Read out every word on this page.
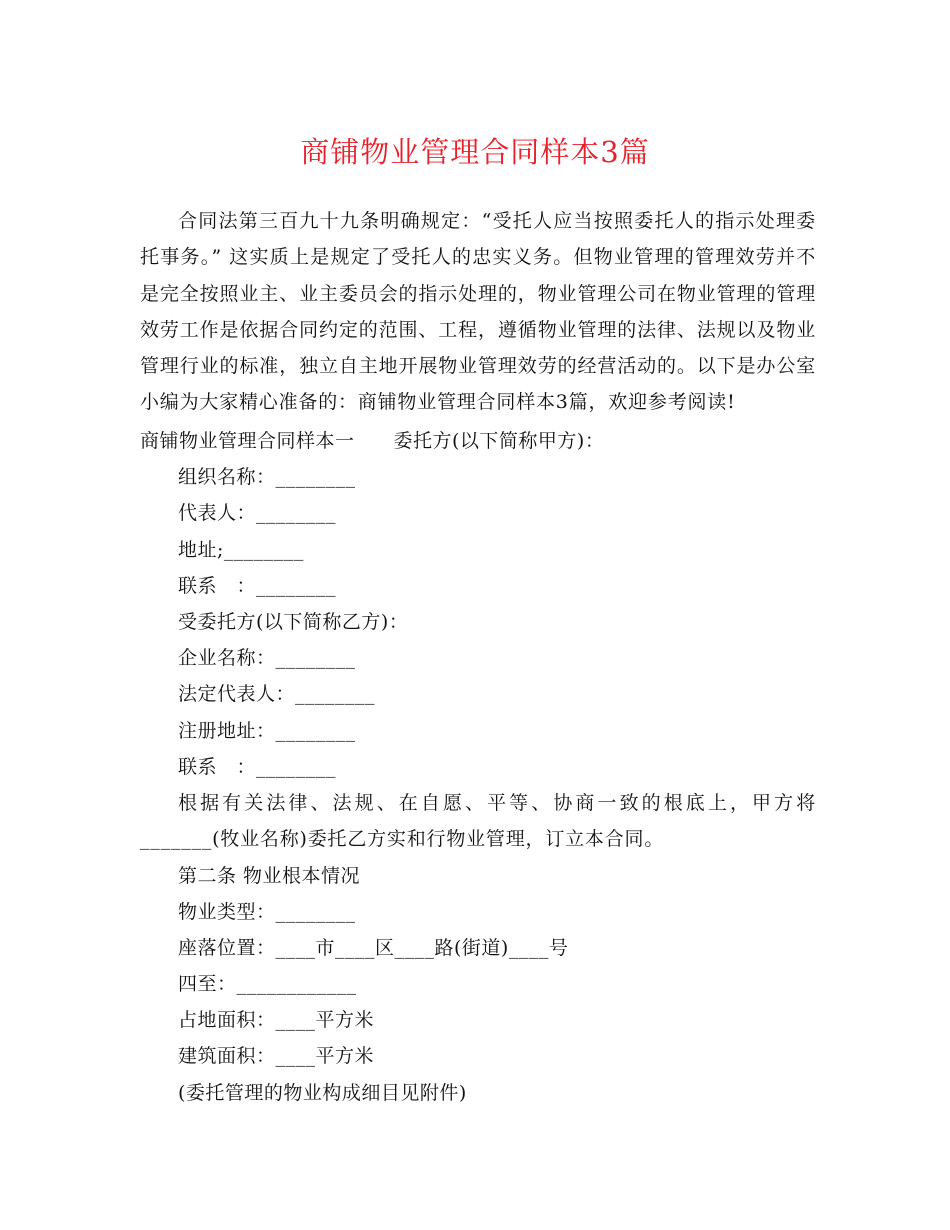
商铺物业管理合同样本3篇

合同法第三百九十九条明确规定：“受托人应当按照委托人的指示处理委托事务。” 这实质上是规定了受托人的忠实义务。但物业管理的管理效劳并不是完全按照业主、业主委员会的指示处理的，物业管理公司在物业管理的管理效劳工作是依据合同约定的范围、工程，遵循物业管理的法律、法规以及物业管理行业的标准，独立自主地开展物业管理效劳的经营活动的。以下是办公室小编为大家精心准备的：商铺物业管理合同样本3篇，欢迎参考阅读!

商铺物业管理合同样本一　　委托方(以下简称甲方)：
组织名称：________
代表人：________
地址;________
联系　：________
受委托方(以下简称乙方)：
企业名称：________
法定代表人：________
注册地址：________
联系　：________

根据有关法律、法规、在自愿、平等、协商一致的根底上，甲方将_______(牧业名称)委托乙方实和行物业管理，订立本合同。

第二条 物业根本情况
物业类型：________
座落位置：____市____区____路(街道)____号
四至：____________
占地面积：____平方米
建筑面积：____平方米
(委托管理的物业构成细目见附件)
